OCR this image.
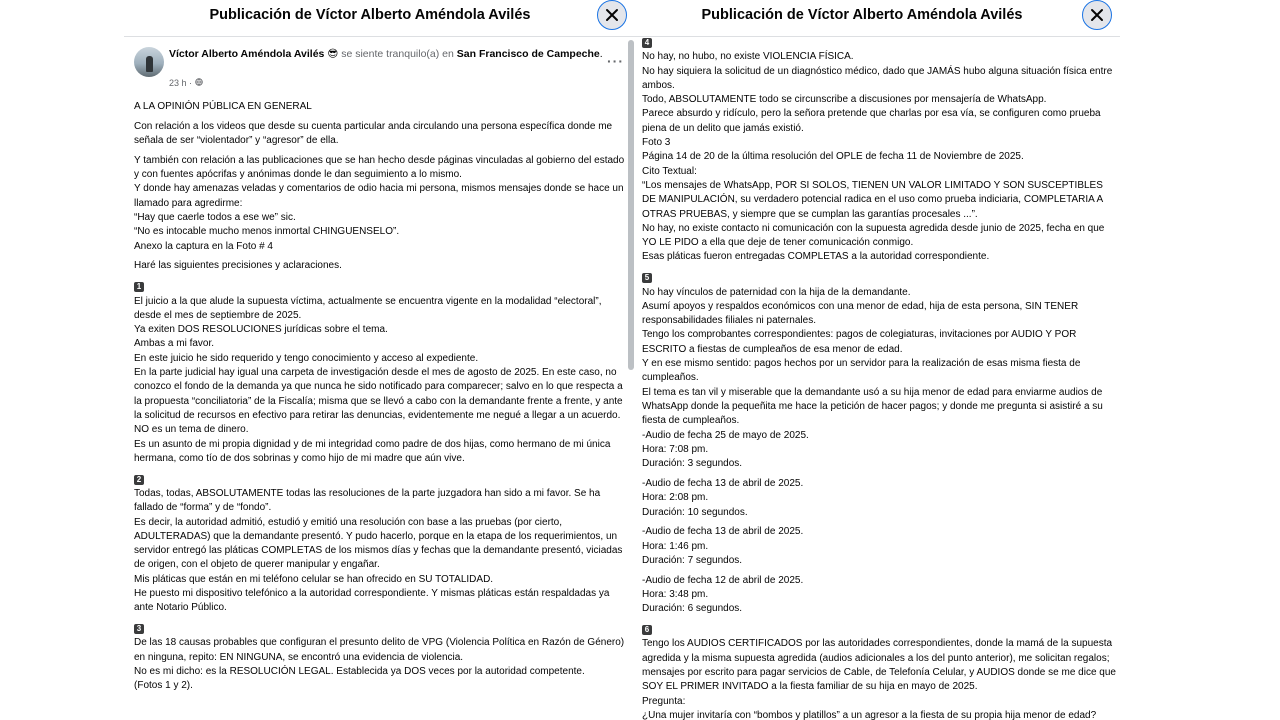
Publicación de Víctor Alberto Améndola Avilés
Víctor Alberto Améndola Avilés 😎 se siente tranquilo(a) en San Francisco de Campeche.
23 h ·
···

A LA OPINIÓN PÚBLICA EN GENERAL

Con relación a los videos que desde su cuenta particular anda circulando una persona específica donde me señala de ser “violentador” y “agresor” de ella.

Y también con relación a las publicaciones que se han hecho desde páginas vinculadas al gobierno del estado y con fuentes apócrifas y anónimas donde le dan seguimiento a lo mismo.
Y donde hay amenazas veladas y comentarios de odio hacia mi persona, mismos mensajes donde se hace un llamado para agredirme:
“Hay que caerle todos a ese we” sic.
“No es intocable mucho menos inmortal CHINGUENSELO”.
Anexo la captura en la Foto # 4

Haré las siguientes precisiones y aclaraciones.

1

El juicio a la que alude la supuesta víctima, actualmente se encuentra vigente en la modalidad “electoral”, desde el mes de septiembre de 2025.
Ya exiten DOS RESOLUCIONES jurídicas sobre el tema.
Ambas a mi favor.
En este juicio he sido requerido y tengo conocimiento y acceso al expediente.
En la parte judicial hay igual una carpeta de investigación desde el mes de agosto de 2025. En este caso, no conozco el fondo de la demanda ya que nunca he sido notificado para comparecer; salvo en lo que respecta a la propuesta “conciliatoria” de la Fiscalía; misma que se llevó a cabo con la demandante frente a frente, y ante la solicitud de recursos en efectivo para retirar las denuncias, evidentemente me negué a llegar a un acuerdo.
NO es un tema de dinero.
Es un asunto de mi propia dignidad y de mi integridad como padre de dos hijas, como hermano de mi única hermana, como tío de dos sobrinas y como hijo de mi madre que aún vive.

2

Todas, todas, ABSOLUTAMENTE todas las resoluciones de la parte juzgadora han sido a mi favor. Se ha fallado de “forma” y de “fondo”.
Es decir, la autoridad admitió, estudió y emitió una resolución con base a las pruebas (por cierto, ADULTERADAS) que la demandante presentó. Y pudo hacerlo, porque en la etapa de los requerimientos, un servidor entregó las pláticas COMPLETAS de los mismos días y fechas que la demandante presentó, viciadas de origen, con el objeto de querer manipular y engañar.
Mis pláticas que están en mi teléfono celular se han ofrecido en SU TOTALIDAD.
He puesto mi dispositivo telefónico a la autoridad correspondiente. Y mismas pláticas están respaldadas ya ante Notario Público.

3

De las 18 causas probables que configuran el presunto delito de VPG (Violencia Política en Razón de Género) en ninguna, repito: EN NINGUNA, se encontró una evidencia de violencia.
No es mi dicho: es la RESOLUCIÓN LEGAL. Establecida ya DOS veces por la autoridad competente.
(Fotos 1 y 2).

Publicación de Víctor Alberto Améndola Avilés
4

No hay, no hubo, no existe VIOLENCIA FÍSICA.
No hay siquiera la solicitud de un diagnóstico médico, dado que JAMÁS hubo alguna situación física entre ambos.
Todo, ABSOLUTAMENTE todo se circunscribe a discusiones por mensajería de WhatsApp.
Parece absurdo y ridículo, pero la señora pretende que charlas por esa vía, se configuren como prueba piena de un delito que jamás existió.
Foto 3
Página 14 de 20 de la última resolución del OPLE de fecha 11 de Noviembre de 2025.
Cito Textual:
“Los mensajes de WhatsApp, POR SI SOLOS, TIENEN UN VALOR LIMITADO Y SON SUSCEPTIBLES DE MANIPULACIÓN, su verdadero potencial radica en el uso como prueba indiciaria, COMPLETARIA A OTRAS PRUEBAS, y siempre que se cumplan las garantías procesales ...”.
No hay, no existe contacto ni comunicación con la supuesta agredida desde junio de 2025, fecha en que YO LE PIDO a ella que deje de tener comunicación conmigo.
Esas pláticas fueron entregadas COMPLETAS a la autoridad correspondiente.

5

No hay vínculos de paternidad con la hija de la demandante.
Asumí apoyos y respaldos económicos con una menor de edad, hija de esta persona, SIN TENER responsabilidades filiales ni paternales.
Tengo los comprobantes correspondientes: pagos de colegiaturas, invitaciones por AUDIO Y POR ESCRITO a fiestas de cumpleaños de esa menor de edad.
Y en ese mismo sentido: pagos hechos por un servidor para la realización de esas misma fiesta de cumpleaños.
El tema es tan vil y miserable que la demandante usó a su hija menor de edad para enviarme audios de WhatsApp donde la pequeñita me hace la petición de hacer pagos; y donde me pregunta si asistiré a su fiesta de cumpleaños.
-Audio de fecha 25 de mayo de 2025.
Hora: 7:08 pm.
Duración: 3 segundos.

-Audio de fecha 13 de abril de 2025.
Hora: 2:08 pm.
Duración: 10 segundos.

-Audio de fecha 13 de abril de 2025.
Hora: 1:46 pm.
Duración: 7 segundos.

-Audio de fecha 12 de abril de 2025.
Hora: 3:48 pm.
Duración: 6 segundos.

6

Tengo los AUDIOS CERTIFICADOS por las autoridades correspondientes, donde la mamá de la supuesta agredida y la misma supuesta agredida (audios adicionales a los del punto anterior), me solicitan regalos; mensajes por escrito para pagar servicios de Cable, de Telefonía Celular, y AUDIOS donde se me dice que SOY EL PRIMER INVITADO a la fiesta familiar de su hija en mayo de 2025.
Pregunta:
¿Una mujer invitaría con “bombos y platillos” a un agresor a la fiesta de su propia hija menor de edad?
